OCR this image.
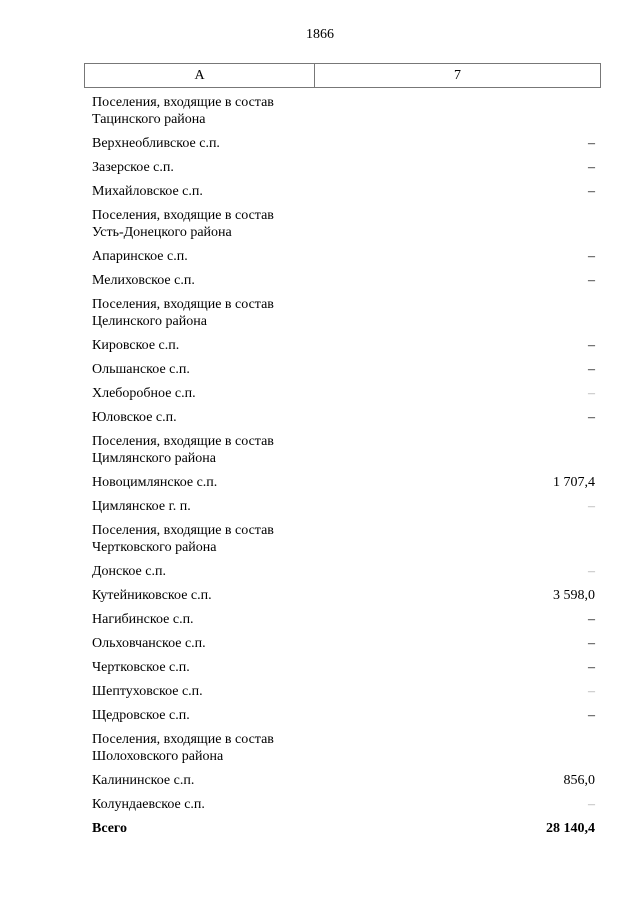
1866
А	7
Поселения, входящие в состав
Тацинского района
Верхнеобливское с.п.	–
Зазерское с.п.	–
Михайловское с.п.	–
Поселения, входящие в состав
Усть-Донецкого района
Апаринское с.п.	–
Мелиховское с.п.	–
Поселения, входящие в состав
Целинского района
Кировское с.п.	–
Ольшанское с.п.	–
Хлеборобное с.п.	–
Юловское с.п.	–
Поселения, входящие в состав
Цимлянского района
Новоцимлянское с.п.	1 707,4
Цимлянское г. п.	–
Поселения, входящие в состав
Чертковского района
Донское с.п.	–
Кутейниковское с.п.	3 598,0
Нагибинское с.п.	–
Ольховчанское с.п.	–
Чертковское с.п.	–
Шептуховское с.п.	–
Щедровское с.п.	–
Поселения, входящие в состав
Шолоховского района
Калининское с.п.	856,0
Колундаевское с.п.	–
Всего	28 140,4
